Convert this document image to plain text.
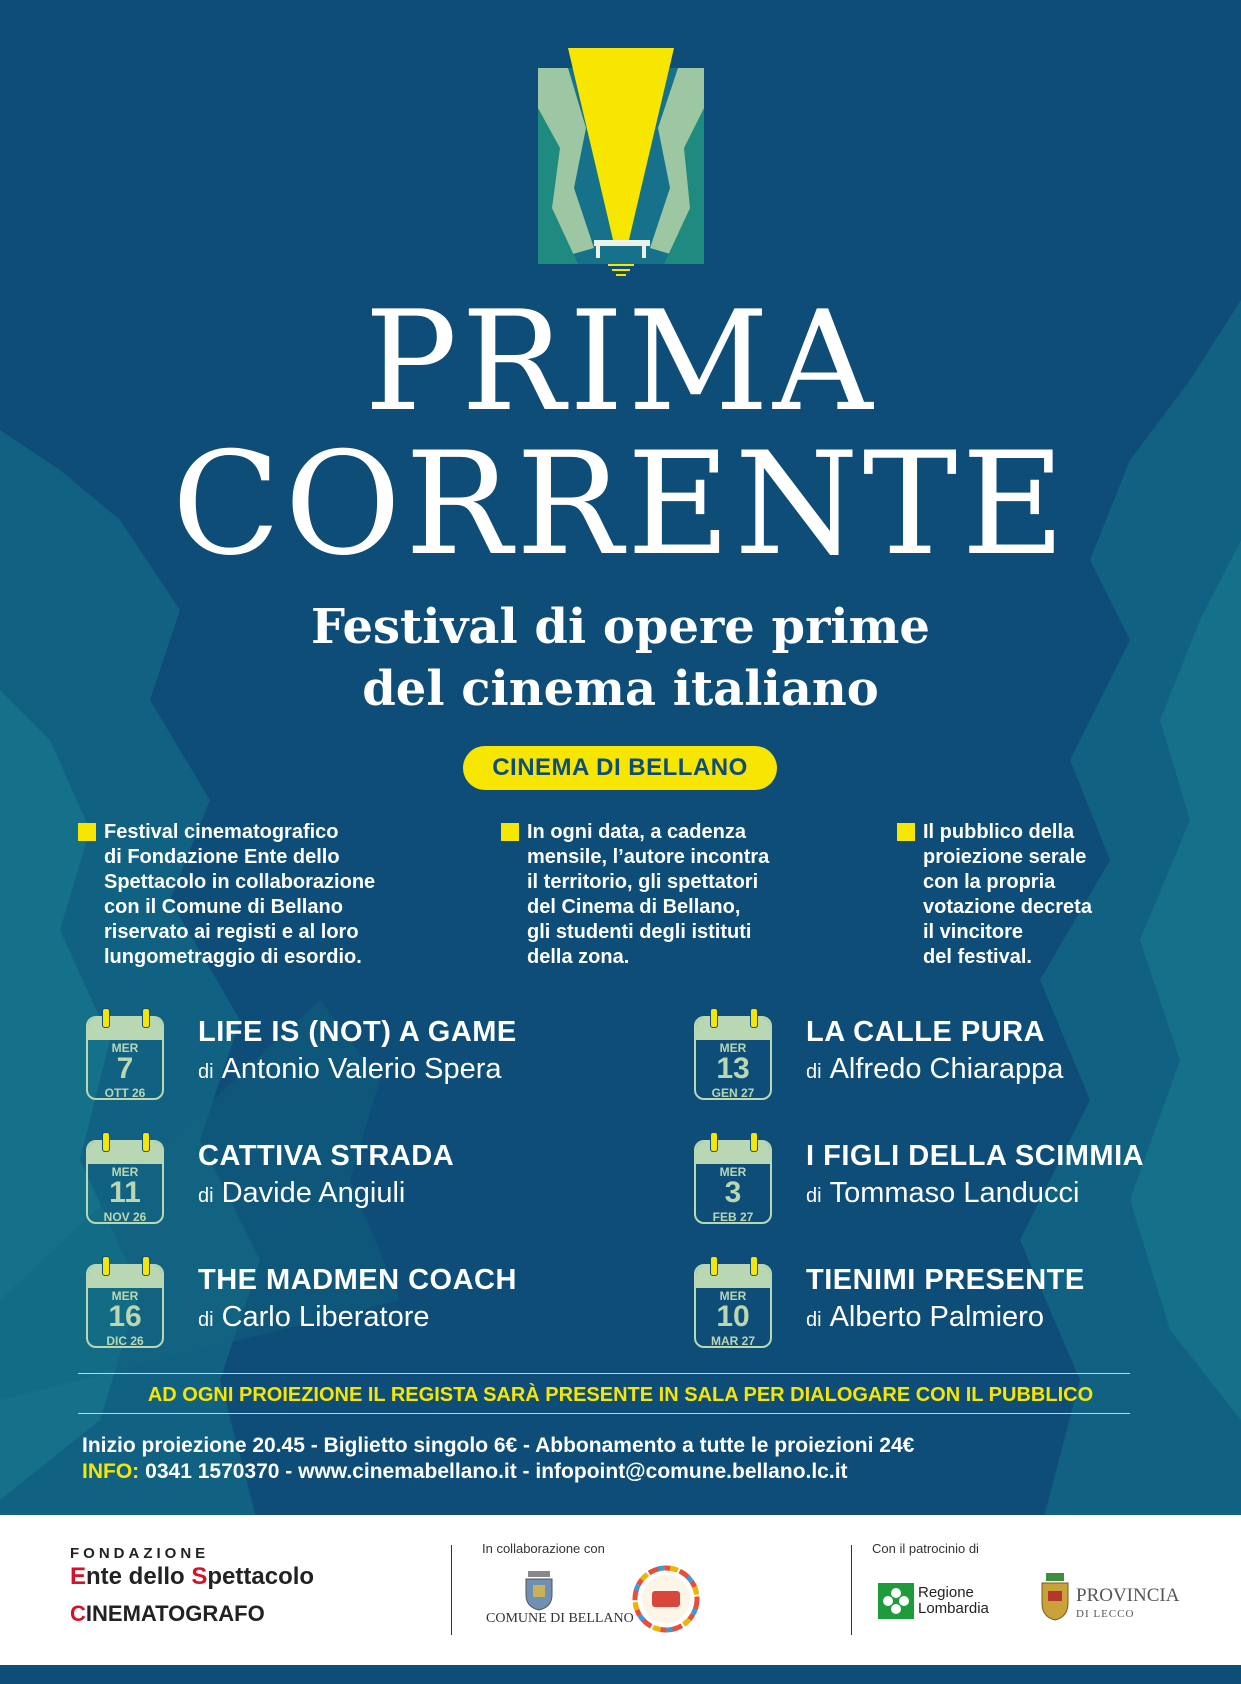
PRIMA
CORRENTE
Festival di opere prime
del cinema italiano
CINEMA DI BELLANO
Festival cinematografico
di Fondazione Ente dello
Spettacolo in collaborazione
con il Comune di Bellano
riservato ai registi e al loro
lungometraggio di esordio.
In ogni data, a cadenza
mensile, l’autore incontra
il territorio, gli spettatori
del Cinema di Bellano,
gli studenti degli istituti
della zona.
Il pubblico della
proiezione serale
con la propria
votazione decreta
il vincitore
del festival.
MER
7
OTT 26
LIFE IS (NOT) A GAME
di Antonio Valerio Spera
MER
13
GEN 27
LA CALLE PURA
di Alfredo Chiarappa
MER
11
NOV 26
CATTIVA STRADA
di Davide Angiuli
MER
3
FEB 27
I FIGLI DELLA SCIMMIA
di Tommaso Landucci
MER
16
DIC 26
THE MADMEN COACH
di Carlo Liberatore
MER
10
MAR 27
TIENIMI PRESENTE
di Alberto Palmiero
AD OGNI PROIEZIONE IL REGISTA SARÀ PRESENTE IN SALA PER DIALOGARE CON IL PUBBLICO
Inizio proiezione 20.45 - Biglietto singolo 6€ - Abbonamento a tutte le proiezioni 24€
INFO: 0341 1570370 - www.cinemabellano.it - infopoint@comune.bellano.lc.it
FONDAZIONE
Ente dello Spettacolo
CINEMATOGRAFO
In collaborazione con
COMUNE DI BELLANO
Con il patrocinio di
Regione
Lombardia
PROVINCIA
DI LECCO
